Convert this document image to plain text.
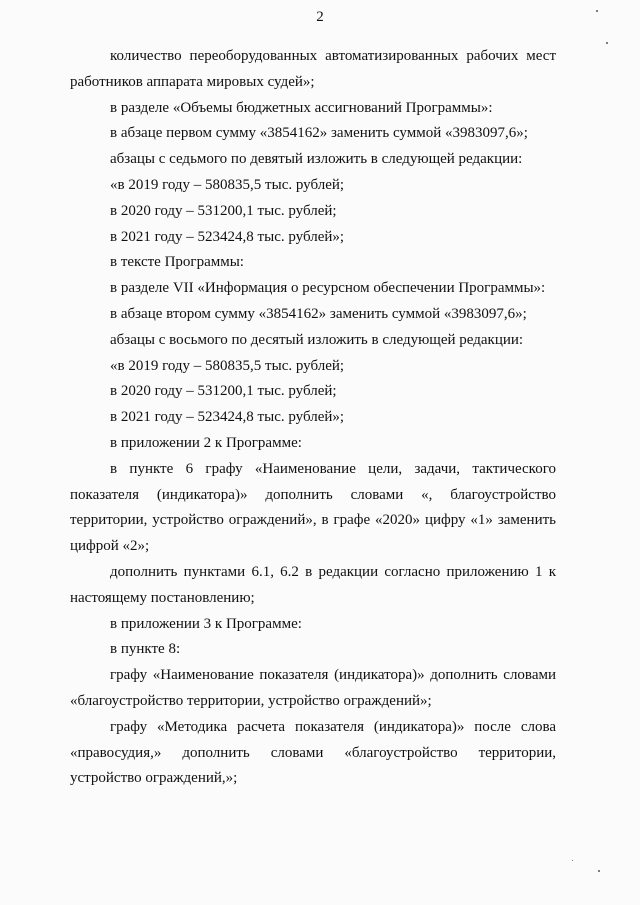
2
количество переоборудованных автоматизированных рабочих мест
работников аппарата мировых судей»;
в разделе «Объемы бюджетных ассигнований Программы»:
в абзаце первом сумму «3854162» заменить суммой «3983097,6»;
абзацы с седьмого по девятый изложить в следующей редакции:
«в 2019 году – 580835,5 тыс. рублей;
в 2020 году – 531200,1 тыс. рублей;
в 2021 году – 523424,8 тыс. рублей»;
в тексте Программы:
в разделе VII «Информация о ресурсном обеспечении Программы»:
в абзаце втором сумму «3854162» заменить суммой «3983097,6»;
абзацы с восьмого по десятый изложить в следующей редакции:
«в 2019 году – 580835,5 тыс. рублей;
в 2020 году – 531200,1 тыс. рублей;
в 2021 году – 523424,8 тыс. рублей»;
в приложении 2 к Программе:
в пункте 6 графу «Наименование цели, задачи, тактического
показателя (индикатора)» дополнить словами «, благоустройство
территории, устройство ограждений», в графе «2020» цифру «1» заменить
цифрой «2»;
дополнить пунктами 6.1, 6.2 в редакции согласно приложению 1 к
настоящему постановлению;
в приложении 3 к Программе:
в пункте 8:
графу «Наименование показателя (индикатора)» дополнить словами
«благоустройство территории, устройство ограждений»;
графу «Методика расчета показателя (индикатора)» после слова
«правосудия,» дополнить словами «благоустройство территории,
устройство ограждений,»;
